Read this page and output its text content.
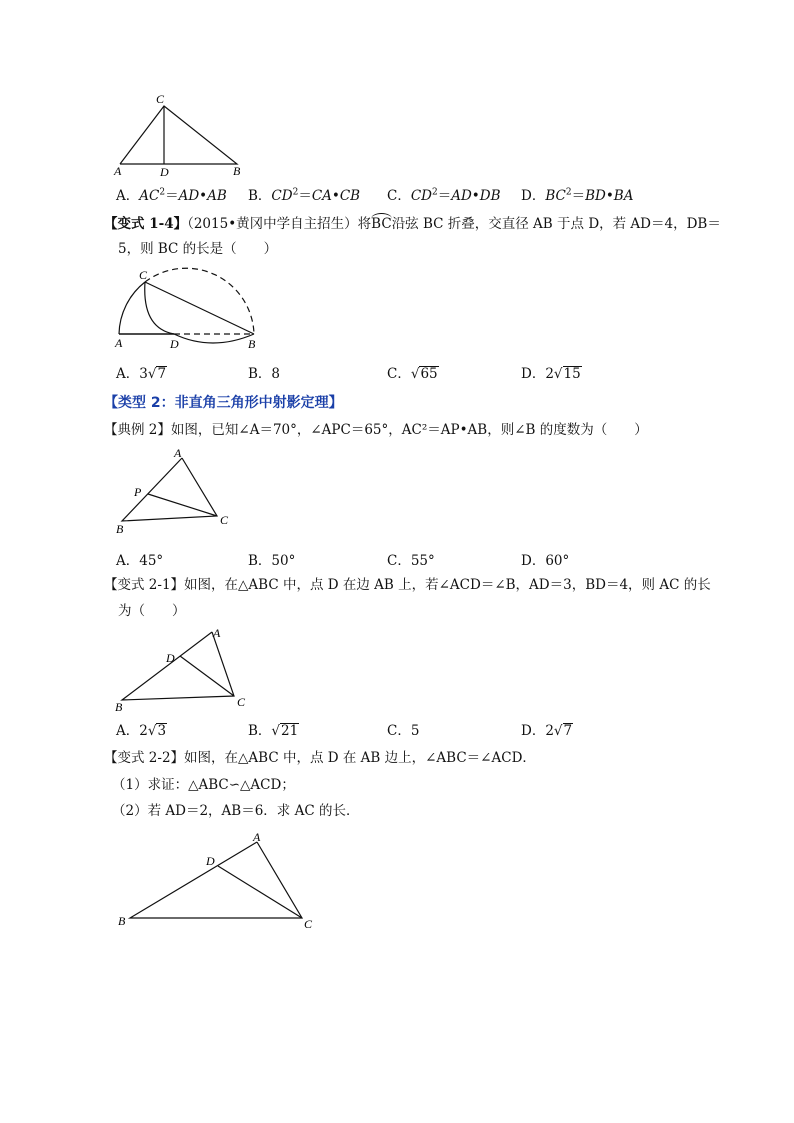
C
A	D	B
A．$AC^2=AD•AB$ B．$CD^2=CA•CB$ C．$CD^2=AD•DB$ D．$BC^2=BD•BA$
【变式 1-4】（2015•黄冈中学自主招生）将BC沿弦 BC 折叠，交直径 AB 于点 D，若 AD＝4，DB＝
5，则 BC 的长是（　　）
C
A	D	B
A．3√7	B．8	C．√65	D．2√15
【类型 2：非直角三角形中射影定理】
【典例 2】如图，已知∠A＝70°，∠APC＝65°，AC²＝AP•AB，则∠B 的度数为（　　）
A
P
B
C
A．45°	B．50°	C．55°	D．60°
【变式 2-1】如图，在△ABC 中，点 D 在边 AB 上，若∠ACD＝∠B，AD＝3，BD＝4，则 AC 的长
为（　　）
A
D
B	C
A．2√3	B．√21	C．5	D．2√7
【变式 2-2】如图，在△ABC 中，点 D 在 AB 边上，∠ABC＝∠ACD．
（1）求证：△ABC∽△ACD；
（2）若 AD＝2，AB＝6．求 AC 的长．
A
D
B	C
